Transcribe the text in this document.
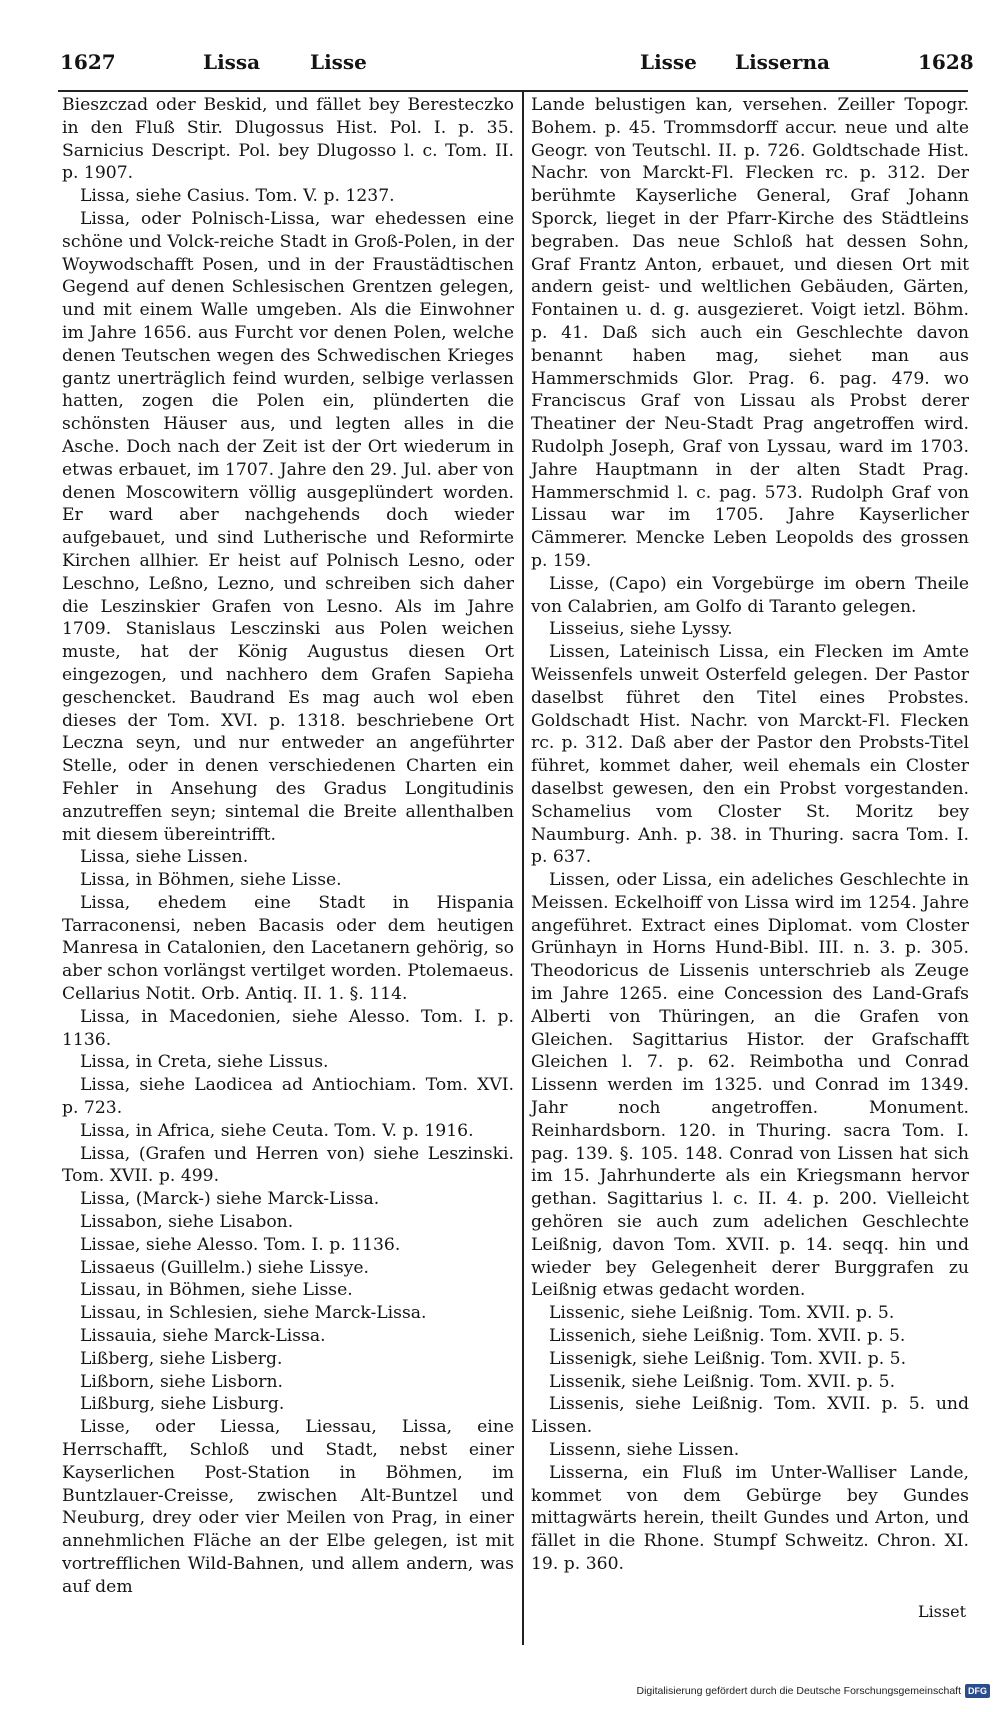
1627	Lissa Lisse	Lisse Lisserna	1628

Bieszczad oder Beskid, und fället bey Beresteczko in den Fluß Stir. Dlugossus Hist. Pol. I. p. 35. Sarnicius Descript. Pol. bey Dlugosso l. c. Tom. II. p. 1907.

Lissa, siehe Casius. Tom. V. p. 1237.

Lissa, oder Polnisch-Lissa, war ehedessen eine schöne und Volck-reiche Stadt in Groß-Polen, in der Woywodschafft Posen, und in der Fraustädtischen Gegend auf denen Schlesischen Grentzen gelegen, und mit einem Walle umgeben. Als die Einwohner im Jahre 1656. aus Furcht vor denen Polen, welche denen Teutschen wegen des Schwedischen Krieges gantz unerträglich feind wurden, selbige verlassen hatten, zogen die Polen ein, plünderten die schönsten Häuser aus, und legten alles in die Asche. Doch nach der Zeit ist der Ort wiederum in etwas erbauet, im 1707. Jahre den 29. Jul. aber von denen Moscowitern völlig ausgeplündert worden. Er ward aber nachgehends doch wieder aufgebauet, und sind Lutherische und Reformirte Kirchen allhier. Er heist auf Polnisch Lesno, oder Leschno, Leßno, Lezno, und schreiben sich daher die Leszinskier Grafen von Lesno. Als im Jahre 1709. Stanislaus Lesczinski aus Polen weichen muste, hat der König Augustus diesen Ort eingezogen, und nachhero dem Grafen Sapieha geschencket. Baudrand Es mag auch wol eben dieses der Tom. XVI. p. 1318. beschriebene Ort Leczna seyn, und nur entweder an angeführter Stelle, oder in denen verschiedenen Charten ein Fehler in Ansehung des Gradus Longitudinis anzutreffen seyn; sintemal die Breite allenthalben mit diesem übereintrifft.

Lissa, siehe Lissen.

Lissa, in Böhmen, siehe Lisse.

Lissa, ehedem eine Stadt in Hispania Tarraconensi, neben Bacasis oder dem heutigen Manresa in Catalonien, den Lacetanern gehörig, so aber schon vorlängst vertilget worden. Ptolemaeus. Cellarius Notit. Orb. Antiq. II. 1. §. 114.

Lissa, in Macedonien, siehe Alesso. Tom. I. p. 1136.

Lissa, in Creta, siehe Lissus.

Lissa, siehe Laodicea ad Antiochiam. Tom. XVI. p. 723.

Lissa, in Africa, siehe Ceuta. Tom. V. p. 1916.

Lissa, (Grafen und Herren von) siehe Leszinski. Tom. XVII. p. 499.

Lissa, (Marck-) siehe Marck-Lissa.

Lissabon, siehe Lisabon.

Lissae, siehe Alesso. Tom. I. p. 1136.

Lissaeus (Guillelm.) siehe Lissye.

Lissau, in Böhmen, siehe Lisse.

Lissau, in Schlesien, siehe Marck-Lissa.

Lissauia, siehe Marck-Lissa.

Lißberg, siehe Lisberg.

Lißborn, siehe Lisborn.

Lißburg, siehe Lisburg.

Lisse, oder Liessa, Liessau, Lissa, eine Herrschafft, Schloß und Stadt, nebst einer Kayserlichen Post-Station in Böhmen, im Buntzlauer-Creisse, zwischen Alt-Buntzel und Neuburg, drey oder vier Meilen von Prag, in einer annehmlichen Fläche an der Elbe gelegen, ist mit vortrefflichen Wild-Bahnen, und allem andern, was auf dem

Lande belustigen kan, versehen. Zeiller Topogr. Bohem. p. 45. Trommsdorff accur. neue und alte Geogr. von Teutschl. II. p. 726. Goldtschade Hist. Nachr. von Marckt-Fl. Flecken rc. p. 312. Der berühmte Kayserliche General, Graf Johann Sporck, lieget in der Pfarr-Kirche des Städtleins begraben. Das neue Schloß hat dessen Sohn, Graf Frantz Anton, erbauet, und diesen Ort mit andern geist- und weltlichen Gebäuden, Gärten, Fontainen u. d. g. ausgezieret. Voigt ietzl. Böhm. p. 41. Daß sich auch ein Geschlechte davon benannt haben mag, siehet man aus Hammerschmids Glor. Prag. 6. pag. 479. wo Franciscus Graf von Lissau als Probst derer Theatiner der Neu-Stadt Prag angetroffen wird. Rudolph Joseph, Graf von Lyssau, ward im 1703. Jahre Hauptmann in der alten Stadt Prag. Hammerschmid l. c. pag. 573. Rudolph Graf von Lissau war im 1705. Jahre Kayserlicher Cämmerer. Mencke Leben Leopolds des grossen p. 159.

Lisse, (Capo) ein Vorgebürge im obern Theile von Calabrien, am Golfo di Taranto gelegen.

Lisseius, siehe Lyssy.

Lissen, Lateinisch Lissa, ein Flecken im Amte Weissenfels unweit Osterfeld gelegen. Der Pastor daselbst führet den Titel eines Probstes. Goldschadt Hist. Nachr. von Marckt-Fl. Flecken rc. p. 312. Daß aber der Pastor den Probsts-Titel führet, kommet daher, weil ehemals ein Closter daselbst gewesen, den ein Probst vorgestanden. Schamelius vom Closter St. Moritz bey Naumburg. Anh. p. 38. in Thuring. sacra Tom. I. p. 637.

Lissen, oder Lissa, ein adeliches Geschlechte in Meissen. Eckelhoiff von Lissa wird im 1254. Jahre angeführet. Extract eines Diplomat. vom Closter Grünhayn in Horns Hund-Bibl. III. n. 3. p. 305. Theodoricus de Lissenis unterschrieb als Zeuge im Jahre 1265. eine Concession des Land-Grafs Alberti von Thüringen, an die Grafen von Gleichen. Sagittarius Histor. der Grafschafft Gleichen l. 7. p. 62. Reimbotha und Conrad Lissenn werden im 1325. und Conrad im 1349. Jahr noch angetroffen. Monument. Reinhardsborn. 120. in Thuring. sacra Tom. I. pag. 139. §. 105. 148. Conrad von Lissen hat sich im 15. Jahrhunderte als ein Kriegsmann hervor gethan. Sagittarius l. c. II. 4. p. 200. Vielleicht gehören sie auch zum adelichen Geschlechte Leißnig, davon Tom. XVII. p. 14. seqq. hin und wieder bey Gelegenheit derer Burggrafen zu Leißnig etwas gedacht worden.

Lissenic, siehe Leißnig. Tom. XVII. p. 5.

Lissenich, siehe Leißnig. Tom. XVII. p. 5.

Lissenigk, siehe Leißnig. Tom. XVII. p. 5.

Lissenik, siehe Leißnig. Tom. XVII. p. 5.

Lissenis, siehe Leißnig. Tom. XVII. p. 5. und Lissen.

Lissenn, siehe Lissen.

Lisserna, ein Fluß im Unter-Walliser Lande, kommet von dem Gebürge bey Gundes mittagwärts herein, theilt Gundes und Arton, und fället in die Rhone. Stumpf Schweitz. Chron. XI. 19. p. 360.

Lisset
Digitalisierung gefördert durch die Deutsche Forschungsgemeinschaft DFG
